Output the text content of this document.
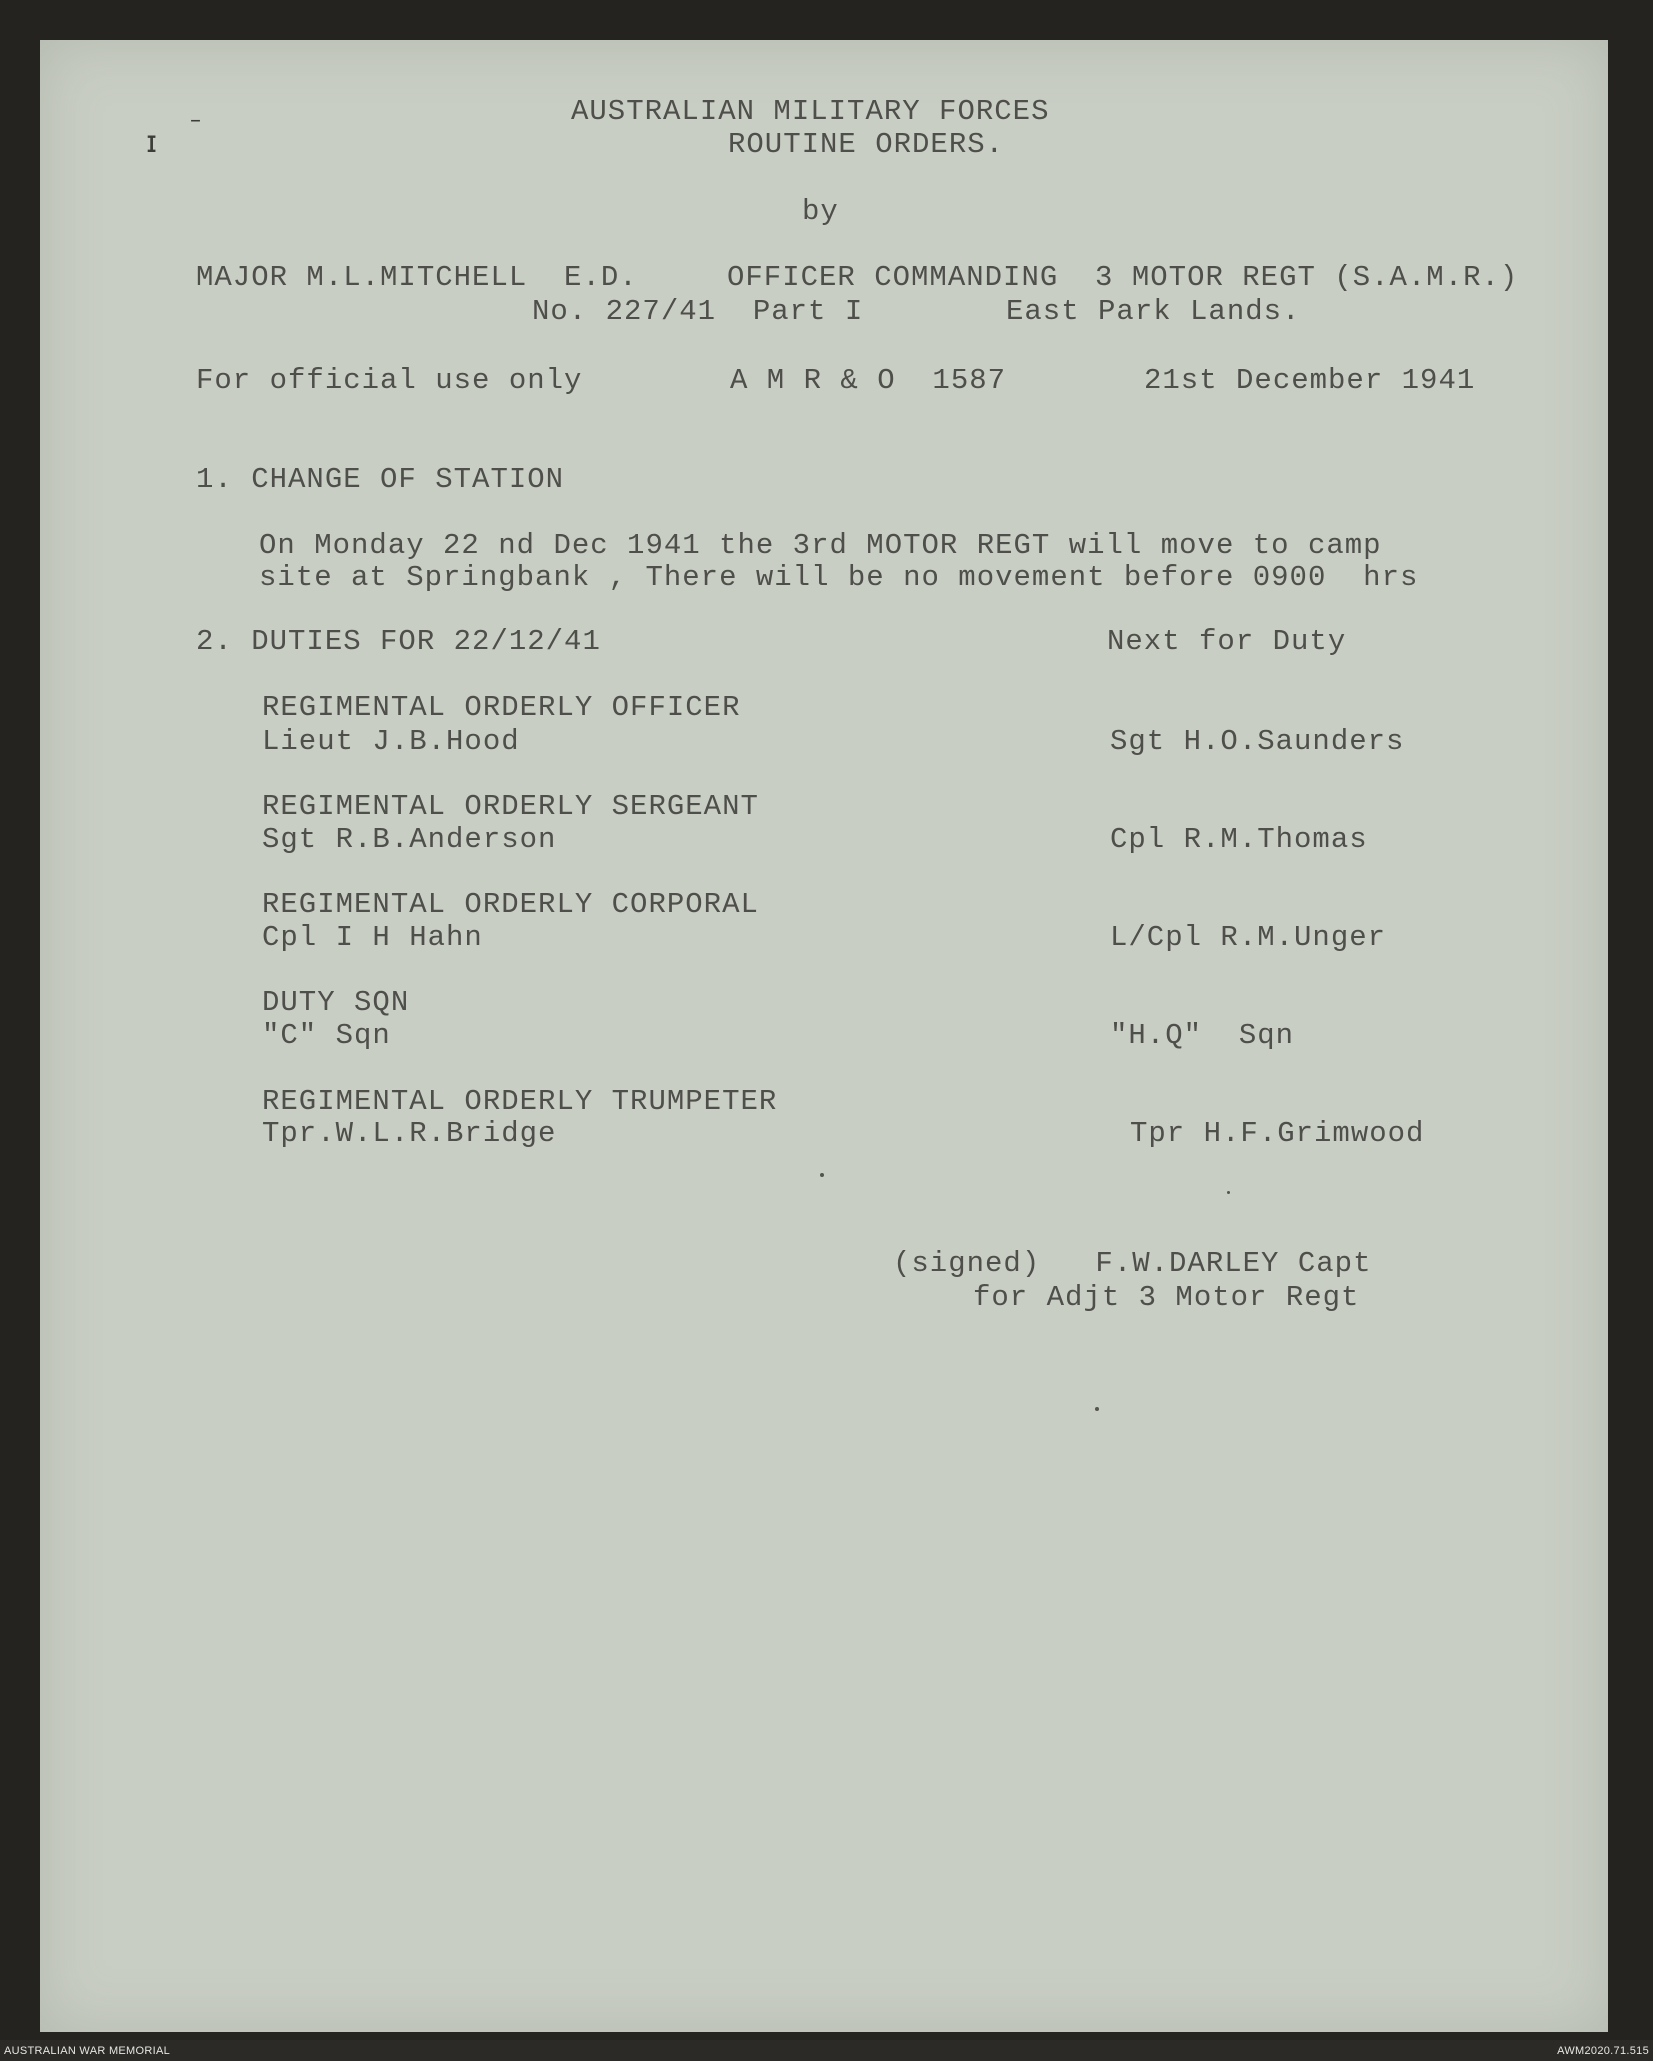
ɪ
–	AUSTRALIAN MILITARY FORCES
ROUTINE ORDERS.
by
MAJOR M.L.MITCHELL  E.D.	OFFICER COMMANDING  3 MOTOR REGT (S.A.M.R.)
No. 227/41  Part I	East Park Lands.
For official use only	A M R & O  1587	21st December 1941
1. CHANGE OF STATION
On Monday 22 nd Dec 1941 the 3rd MOTOR REGT will move to camp
site at Springbank , There will be no movement before 0900  hrs
2. DUTIES FOR 22/12/41	Next for Duty
REGIMENTAL ORDERLY OFFICER
Lieut J.B.Hood	Sgt H.O.Saunders
REGIMENTAL ORDERLY SERGEANT
Sgt R.B.Anderson	Cpl R.M.Thomas
REGIMENTAL ORDERLY CORPORAL
Cpl I H Hahn	L/Cpl R.M.Unger
DUTY SQN
"C" Sqn	"H.Q"  Sqn
REGIMENTAL ORDERLY TRUMPETER
Tpr.W.L.R.Bridge	Tpr H.F.Grimwood
(signed)   F.W.DARLEY Capt
for Adjt 3 Motor Regt
AUSTRALIAN WAR MEMORIAL	AWM2020.71.515
